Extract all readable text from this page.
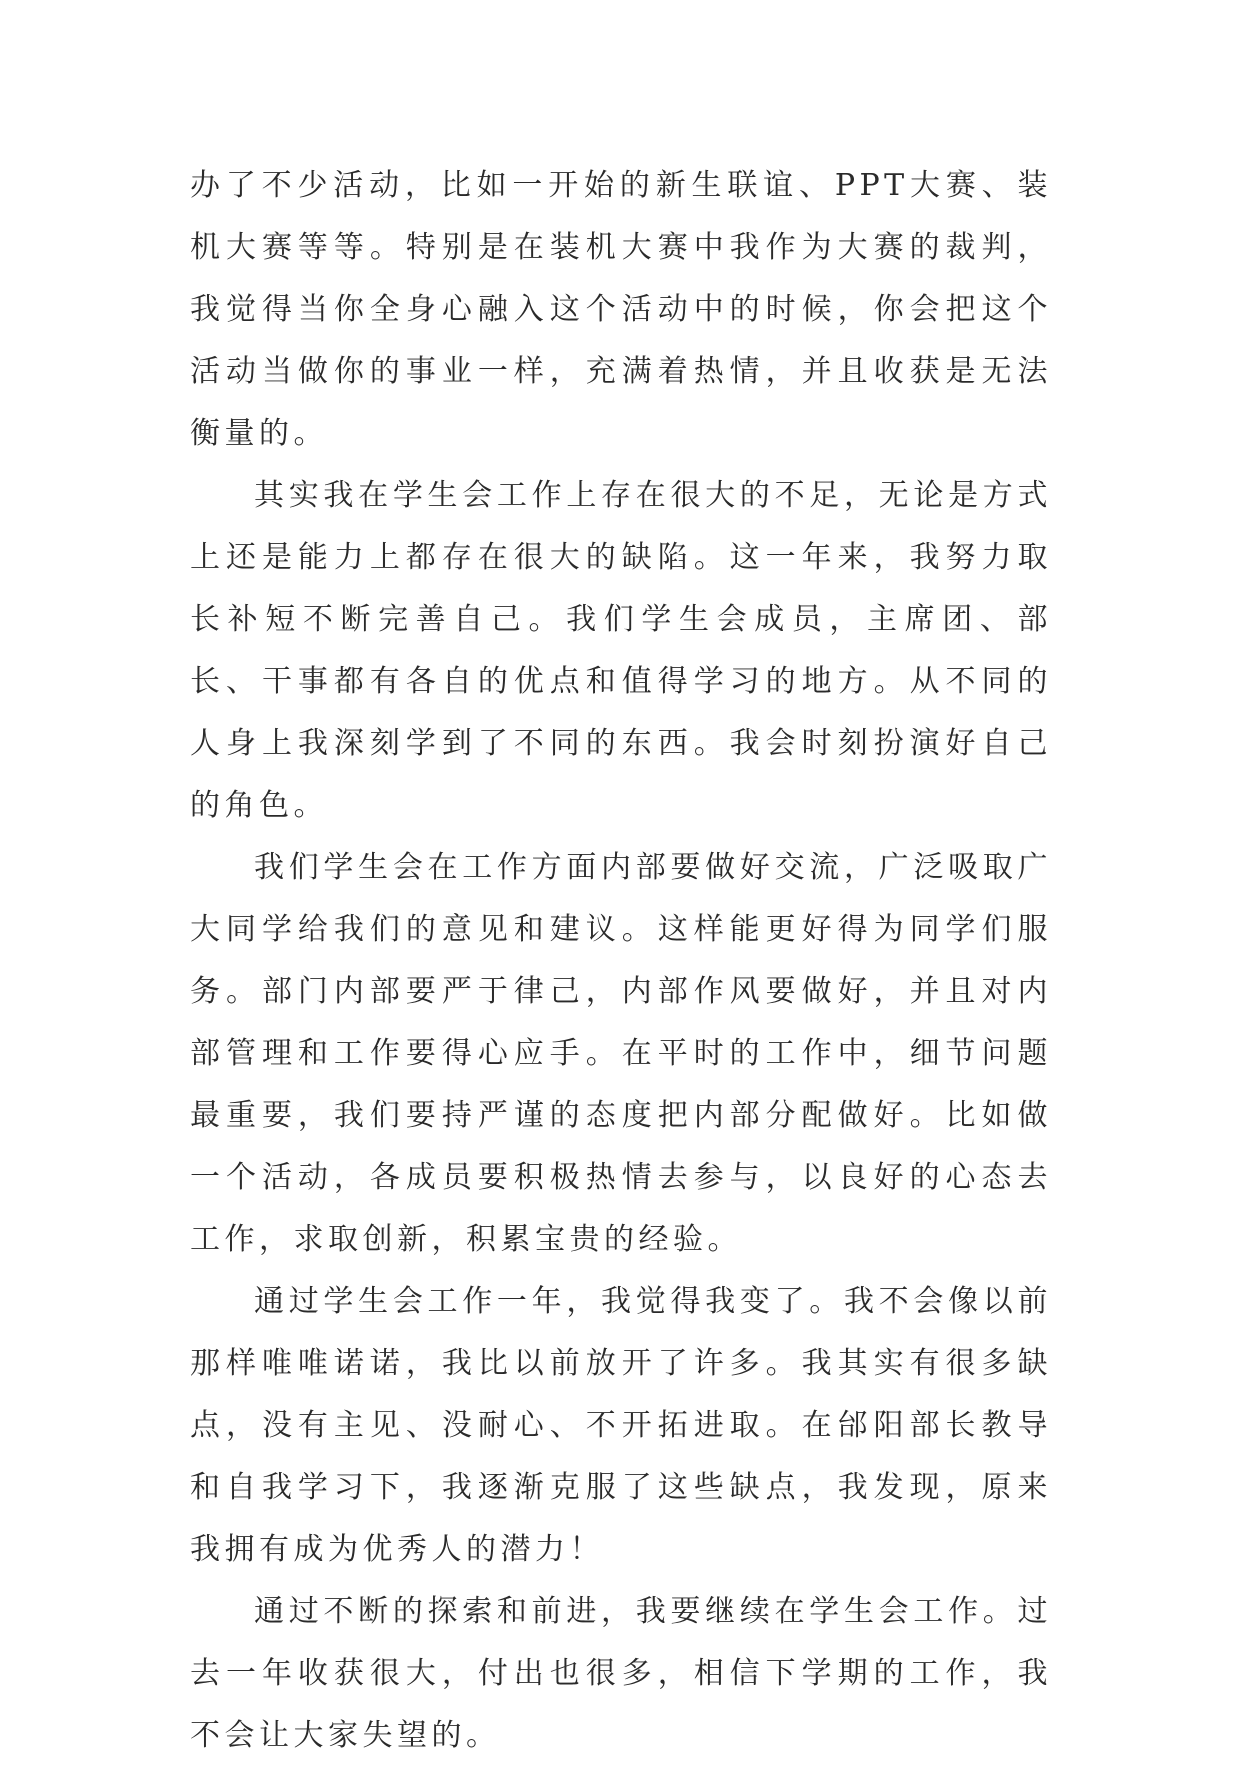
办了不少活动，比如一开始的新生联谊、PPT大赛、装机大赛等等。特别是在装机大赛中我作为大赛的裁判，我觉得当你全身心融入这个活动中的时候，你会把这个活动当做你的事业一样，充满着热情，并且收获是无法衡量的。

其实我在学生会工作上存在很大的不足，无论是方式上还是能力上都存在很大的缺陷。这一年来，我努力取长补短不断完善自己。我们学生会成员，主席团、部长、干事都有各自的优点和值得学习的地方。从不同的人身上我深刻学到了不同的东西。我会时刻扮演好自己的角色。

我们学生会在工作方面内部要做好交流，广泛吸取广大同学给我们的意见和建议。这样能更好得为同学们服务。部门内部要严于律己，内部作风要做好，并且对内部管理和工作要得心应手。在平时的工作中，细节问题最重要，我们要持严谨的态度把内部分配做好。比如做一个活动，各成员要积极热情去参与，以良好的心态去工作，求取创新，积累宝贵的经验。

通过学生会工作一年，我觉得我变了。我不会像以前那样唯唯诺诺，我比以前放开了许多。我其实有很多缺点，没有主见、没耐心、不开拓进取。在邰阳部长教导和自我学习下，我逐渐克服了这些缺点，我发现，原来我拥有成为优秀人的潜力！

通过不断的探索和前进，我要继续在学生会工作。过去一年收获很大，付出也很多，相信下学期的工作，我不会让大家失望的。
